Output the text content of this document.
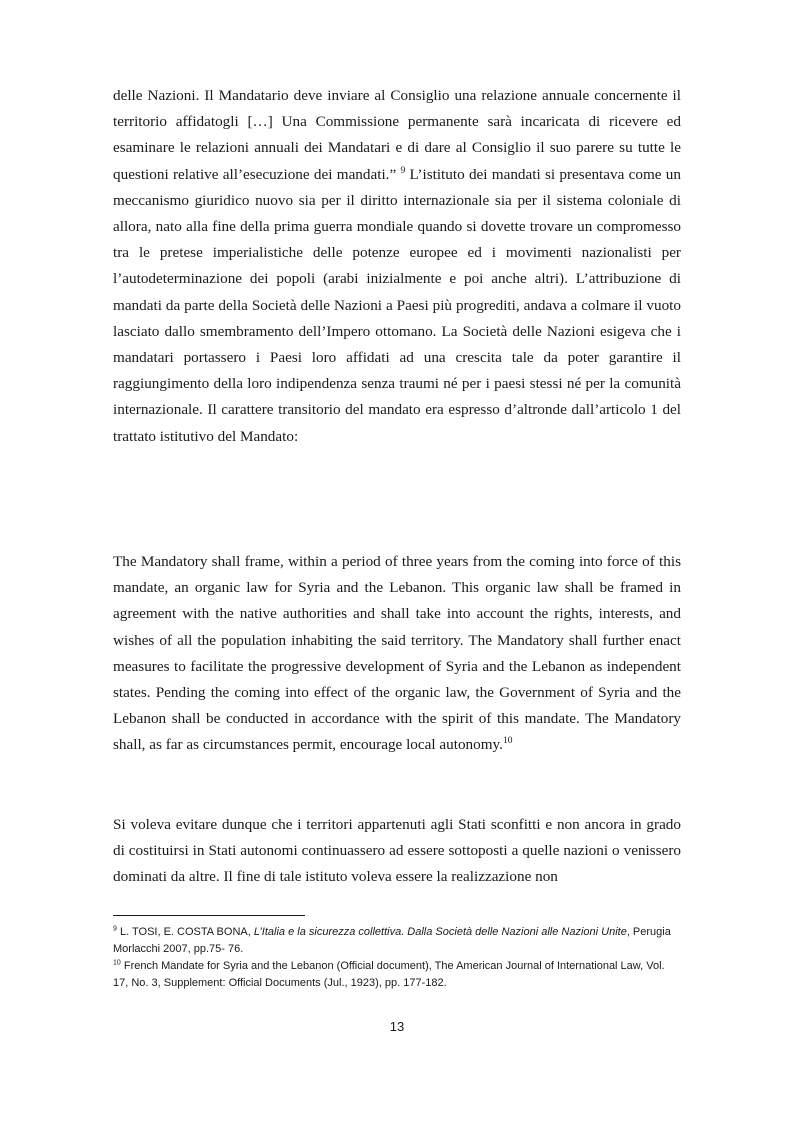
delle Nazioni. Il Mandatario deve inviare al Consiglio una relazione annuale concernente il territorio affidatogli […] Una Commissione permanente sarà incaricata di ricevere ed esaminare le relazioni annuali dei Mandatari e di dare al Consiglio il suo parere su tutte le questioni relative all’esecuzione dei mandati.” $^9$ L’istituto dei mandati si presentava come un meccanismo giuridico nuovo sia per il diritto internazionale sia per il sistema coloniale di allora, nato alla fine della prima guerra mondiale quando si dovette trovare un compromesso tra le pretese imperialistiche delle potenze europee ed i movimenti nazionalisti per l’autodeterminazione dei popoli (arabi inizialmente e poi anche altri). L’attribuzione di mandati da parte della Società delle Nazioni a Paesi più progrediti, andava a colmare il vuoto lasciato dallo smembramento dell’Impero ottomano. La Società delle Nazioni esigeva che i mandatari portassero i Paesi loro affidati ad una crescita tale da poter garantire il raggiungimento della loro indipendenza senza traumi né per i paesi stessi né per la comunità internazionale. Il carattere transitorio del mandato era espresso d’altronde dall’articolo 1 del trattato istitutivo del Mandato:

The Mandatory shall frame, within a period of three years from the coming into force of this mandate, an organic law for Syria and the Lebanon. This organic law shall be framed in agreement with the native authorities and shall take into account the rights, interests, and wishes of all the population inhabiting the said territory. The Mandatory shall further enact measures to facilitate the progressive development of Syria and the Lebanon as independent states. Pending the coming into effect of the organic law, the Government of Syria and the Lebanon shall be conducted in accordance with the spirit of this mandate. The Mandatory shall, as far as circumstances permit, encourage local autonomy.$^{10}$

Si voleva evitare dunque che i territori appartenuti agli Stati sconfitti e non ancora in grado di costituirsi in Stati autonomi continuassero ad essere sottoposti a quelle nazioni o venissero dominati da altre. Il fine di tale istituto voleva essere la realizzazione non

$^9$ L. TOSI, E. COSTA BONA, L’Italia e la sicurezza collettiva. Dalla Società delle Nazioni alle Nazioni Unite, Perugia Morlacchi 2007, pp.75- 76.

$^{10}$ French Mandate for Syria and the Lebanon (Official document), The American Journal of International Law, Vol. 17, No. 3, Supplement: Official Documents (Jul., 1923), pp. 177-182.

13
